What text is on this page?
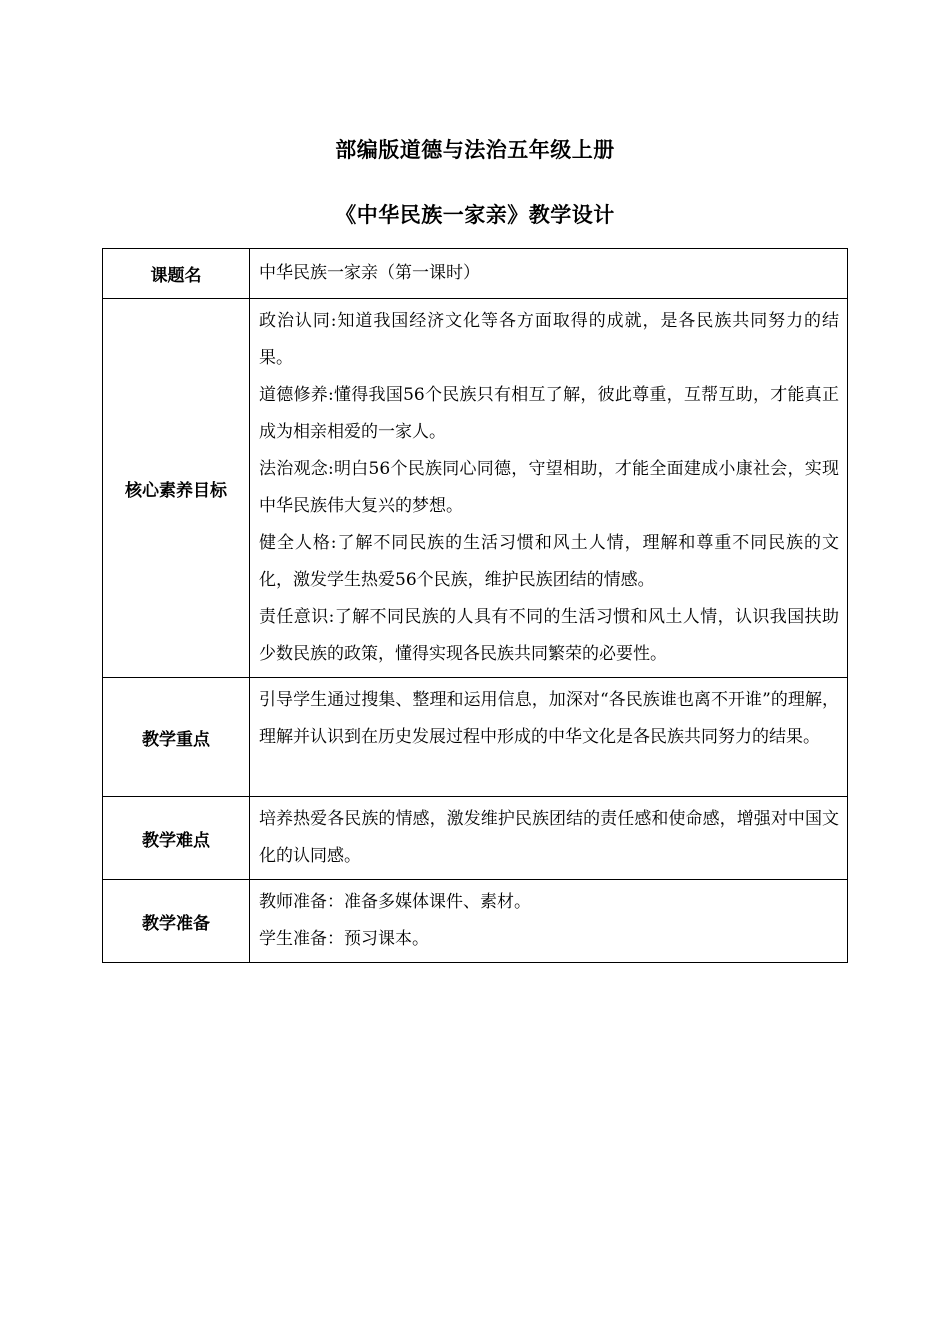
部编版道德与法治五年级上册
《中华民族一家亲》教学设计
课题名	中华民族一家亲（第一课时）

核心素养目标	政治认同:知道我国经济文化等各方面取得的成就，是各民族共同努力的结果。

道德修养:懂得我国56个民族只有相互了解，彼此尊重，互帮互助，才能真正成为相亲相爱的一家人。

法治观念:明白56个民族同心同德，守望相助，才能全面建成小康社会，实现中华民族伟大复兴的梦想。

健全人格:了解不同民族的生活习惯和风土人情，理解和尊重不同民族的文化，激发学生热爱56个民族，维护民族团结的情感。

责任意识:了解不同民族的人具有不同的生活习惯和风土人情，认识我国扶助少数民族的政策，懂得实现各民族共同繁荣的必要性。

教学重点	引导学生通过搜集、整理和运用信息，加深对“各民族谁也离不开谁”的理解，理解并认识到在历史发展过程中形成的中华文化是各民族共同努力的结果。

教学难点	培养热爱各民族的情感，激发维护民族团结的责任感和使命感，增强对中国文化的认同感。

教学准备	教师准备：准备多媒体课件、素材。

学生准备：预习课本。
